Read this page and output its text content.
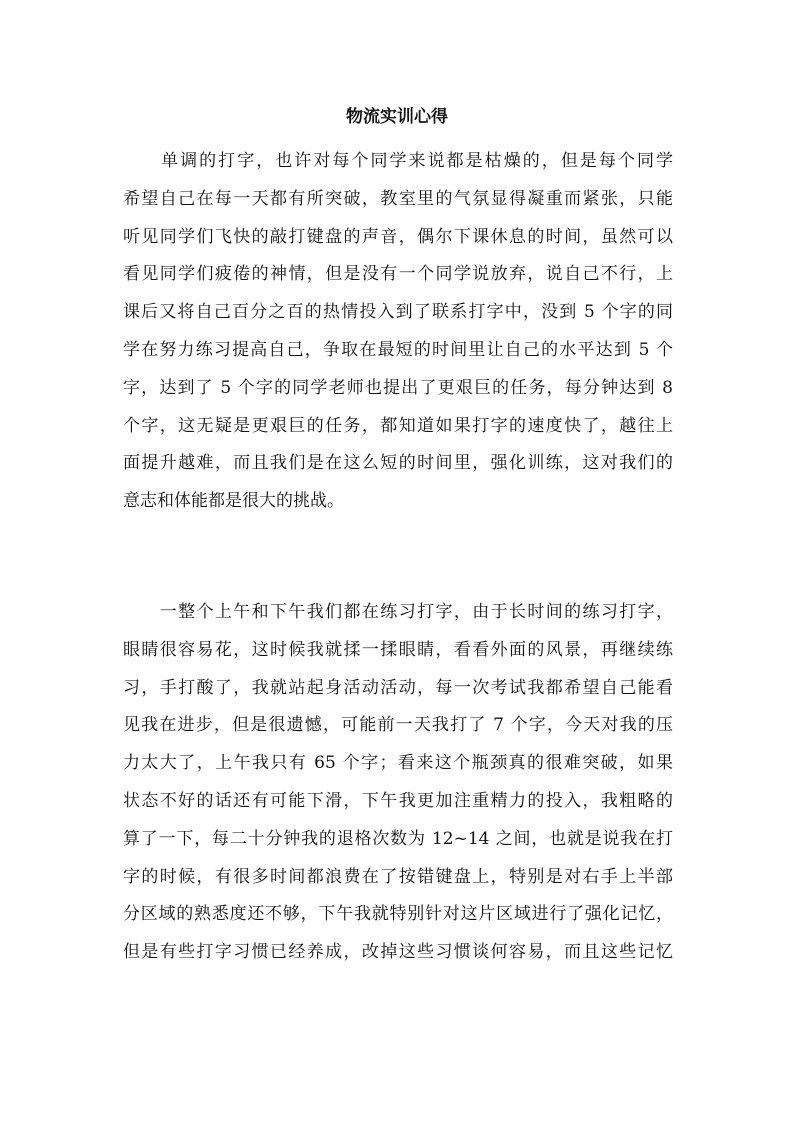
物流实训心得
　　单调的打字，也许对每个同学来说都是枯燥的，但是每个同学
希望自己在每一天都有所突破，教室里的气氛显得凝重而紧张，只能
听见同学们飞快的敲打键盘的声音，偶尔下课休息的时间，虽然可以
看见同学们疲倦的神情，但是没有一个同学说放弃，说自己不行，上
课后又将自己百分之百的热情投入到了联系打字中，没到 5 个字的同
学在努力练习提高自己，争取在最短的时间里让自己的水平达到 5 个
字，达到了 5 个字的同学老师也提出了更艰巨的任务，每分钟达到 8
个字，这无疑是更艰巨的任务，都知道如果打字的速度快了，越往上
面提升越难，而且我们是在这么短的时间里，强化训练，这对我们的
意志和体能都是很大的挑战。
　　一整个上午和下午我们都在练习打字，由于长时间的练习打字，
眼睛很容易花，这时候我就揉一揉眼睛，看看外面的风景，再继续练
习，手打酸了，我就站起身活动活动，每一次考试我都希望自己能看
见我在进步，但是很遗憾，可能前一天我打了 7 个字，今天对我的压
力太大了，上午我只有 65 个字；看来这个瓶颈真的很难突破，如果
状态不好的话还有可能下滑，下午我更加注重精力的投入，我粗略的
算了一下，每二十分钟我的退格次数为 12~14 之间，也就是说我在打
字的时候，有很多时间都浪费在了按错键盘上，特别是对右手上半部
分区域的熟悉度还不够，下午我就特别针对这片区域进行了强化记忆，
但是有些打字习惯已经养成，改掉这些习惯谈何容易，而且这些记忆
